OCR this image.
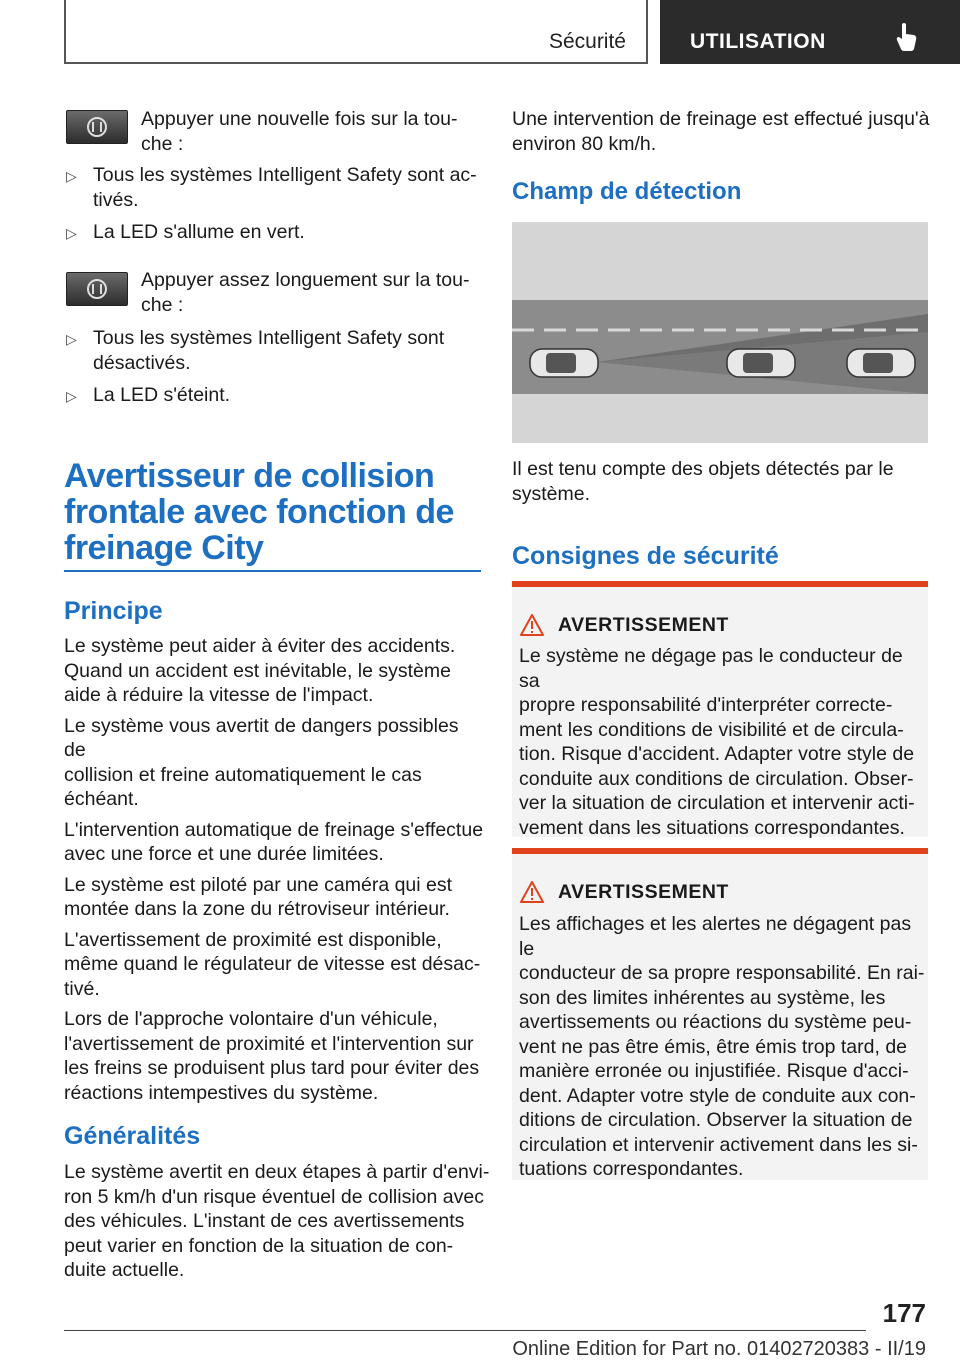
Sécurité	UTILISATION

Appuyer une nouvelle fois sur la tou-
che :

▷ Tous les systèmes Intelligent Safety sont ac-
tivés.

▷ La LED s'allume en vert.

Appuyer assez longuement sur la tou-
che :

▷ Tous les systèmes Intelligent Safety sont
désactivés.

▷ La LED s'éteint.

Avertisseur de collision
frontale avec fonction de
freinage City
Principe

Le système peut aider à éviter des accidents.
Quand un accident est inévitable, le système
aide à réduire la vitesse de l'impact.

Le système vous avertit de dangers possibles de
collision et freine automatiquement le cas
échéant.

L'intervention automatique de freinage s'effectue
avec une force et une durée limitées.

Le système est piloté par une caméra qui est
montée dans la zone du rétroviseur intérieur.

L'avertissement de proximité est disponible,
même quand le régulateur de vitesse est désac-
tivé.

Lors de l'approche volontaire d'un véhicule,
l'avertissement de proximité et l'intervention sur
les freins se produisent plus tard pour éviter des
réactions intempestives du système.

Généralités

Le système avertit en deux étapes à partir d'envi-
ron 5 km/h d'un risque éventuel de collision avec
des véhicules. L'instant de ces avertissements
peut varier en fonction de la situation de con-
duite actuelle.

Une intervention de freinage est effectué jusqu'à
environ 80 km/h.

Champ de détection

Il est tenu compte des objets détectés par le
système.

Consignes de sécurité
AVERTISSEMENT

Le système ne dégage pas le conducteur de sa
propre responsabilité d'interpréter correcte-
ment les conditions de visibilité et de circula-
tion. Risque d'accident. Adapter votre style de
conduite aux conditions de circulation. Obser-
ver la situation de circulation et intervenir acti-
vement dans les situations correspondantes.

AVERTISSEMENT

Les affichages et les alertes ne dégagent pas le
conducteur de sa propre responsabilité. En rai-
son des limites inhérentes au système, les
avertissements ou réactions du système peu-
vent ne pas être émis, être émis trop tard, de
manière erronée ou injustifiée. Risque d'acci-
dent. Adapter votre style de conduite aux con-
ditions de circulation. Observer la situation de
circulation et intervenir activement dans les si-
tuations correspondantes.

177
Online Edition for Part no. 01402720383 - II/19
